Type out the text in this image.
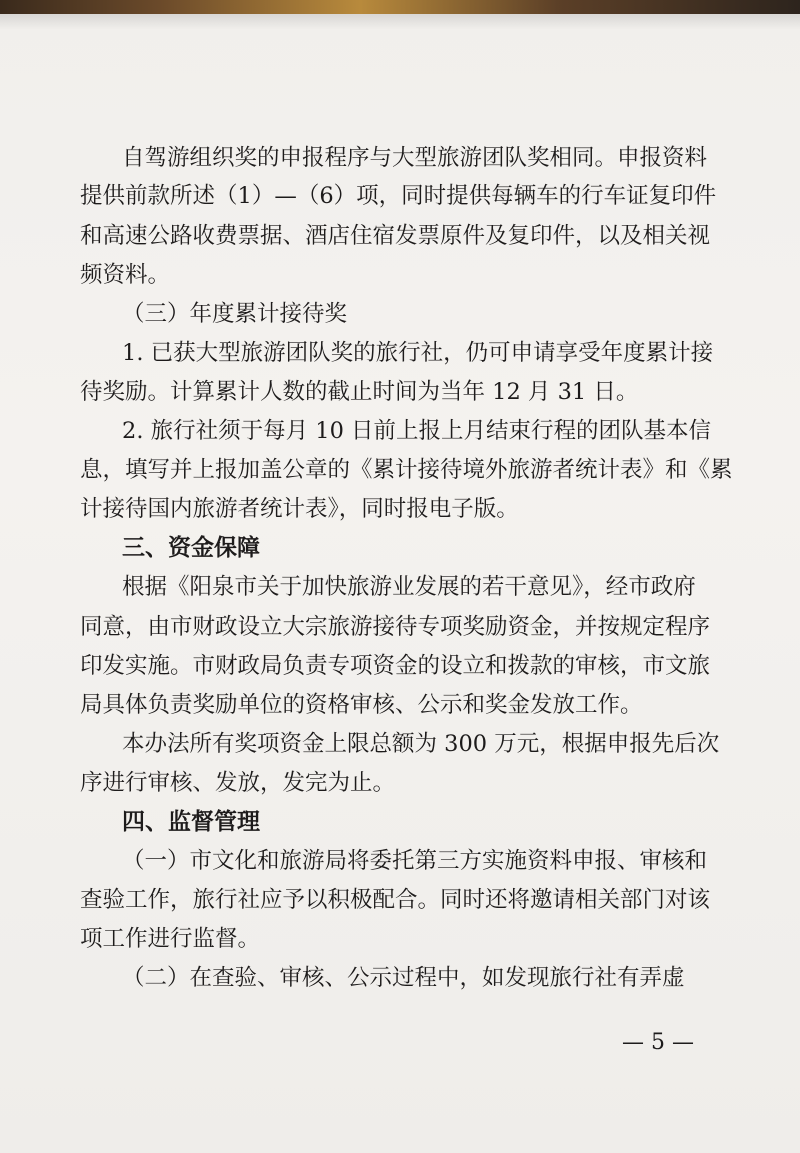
自驾游组织奖的申报程序与大型旅游团队奖相同。申报资料
提供前款所述（1）—（6）项，同时提供每辆车的行车证复印件
和高速公路收费票据、酒店住宿发票原件及复印件，以及相关视
频资料。
（三）年度累计接待奖
1. 已获大型旅游团队奖的旅行社，仍可申请享受年度累计接
待奖励。计算累计人数的截止时间为当年 12 月 31 日。
2. 旅行社须于每月 10 日前上报上月结束行程的团队基本信
息，填写并上报加盖公章的《累计接待境外旅游者统计表》和《累
计接待国内旅游者统计表》，同时报电子版。
三、资金保障
根据《阳泉市关于加快旅游业发展的若干意见》，经市政府
同意，由市财政设立大宗旅游接待专项奖励资金，并按规定程序
印发实施。市财政局负责专项资金的设立和拨款的审核，市文旅
局具体负责奖励单位的资格审核、公示和奖金发放工作。
本办法所有奖项资金上限总额为 300 万元，根据申报先后次
序进行审核、发放，发完为止。
四、监督管理
（一）市文化和旅游局将委托第三方实施资料申报、审核和
查验工作，旅行社应予以积极配合。同时还将邀请相关部门对该
项工作进行监督。
（二）在查验、审核、公示过程中，如发现旅行社有弄虚
— 5 —
